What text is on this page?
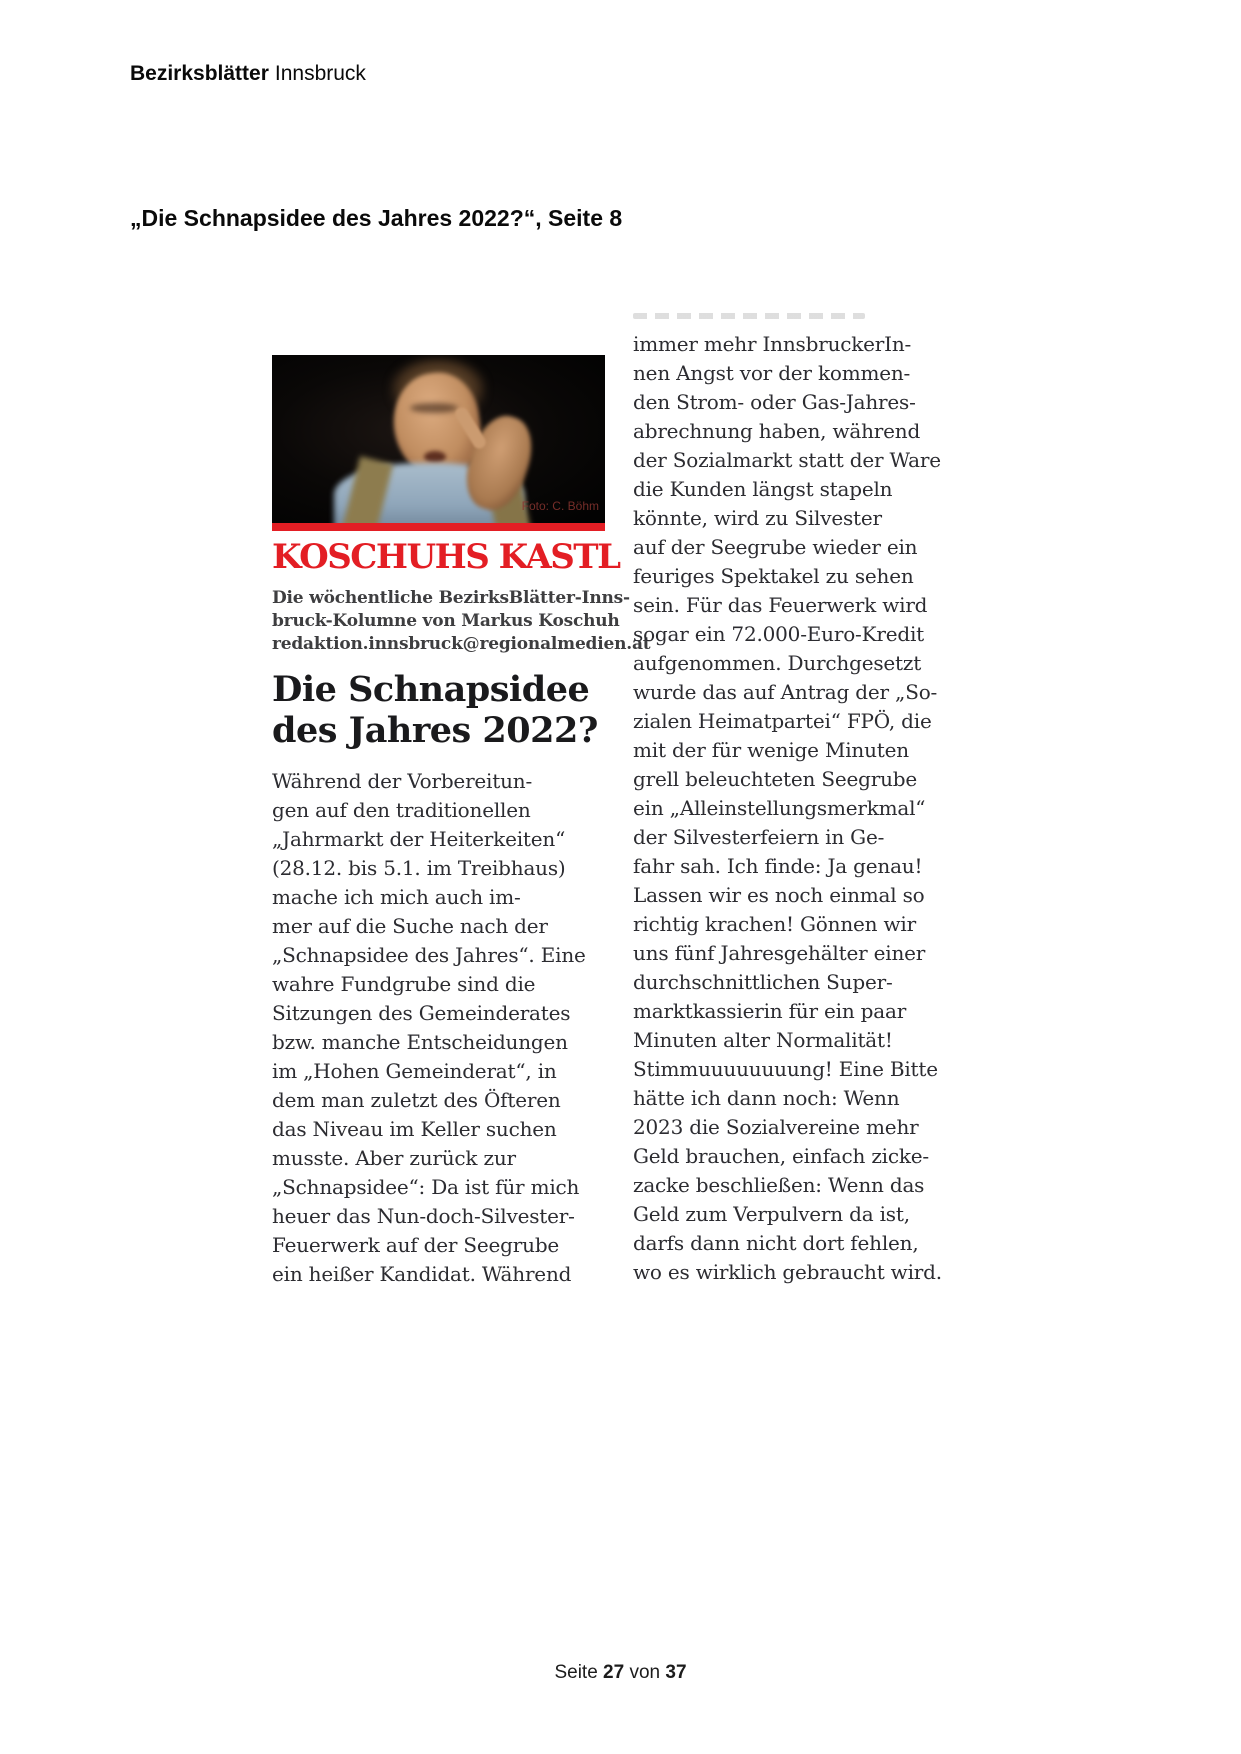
Bezirksblätter Innsbruck
„Die Schnapsidee des Jahres 2022?“, Seite 8
Foto: C. Böhm
KOSCHUHS KASTL
Die wöchentliche BezirksBlätter-Inns-
bruck-Kolumne von Markus Koschuh
redaktion.innsbruck@regionalmedien.at
Die Schnapsidee
des Jahres 2022?
Während der Vorbereitun-
gen auf den traditionellen
„Jahrmarkt der Heiterkeiten“
(28.12. bis 5.1. im Treibhaus)
mache ich mich auch im-
mer auf die Suche nach der
„Schnapsidee des Jahres“. Eine
wahre Fundgrube sind die
Sitzungen des Gemeinderates
bzw. manche Entscheidungen
im „Hohen Gemeinderat“, in
dem man zuletzt des Öfteren
das Niveau im Keller suchen
musste. Aber zurück zur
„Schnapsidee“: Da ist für mich
heuer das Nun-doch-Silvester-
Feuerwerk auf der Seegrube
ein heißer Kandidat. Während
immer mehr InnsbruckerIn-
nen Angst vor der kommen-
den Strom- oder Gas-Jahres-
abrechnung haben, während
der Sozialmarkt statt der Ware
die Kunden längst stapeln
könnte, wird zu Silvester
auf der Seegrube wieder ein
feuriges Spektakel zu sehen
sein. Für das Feuerwerk wird
sogar ein 72.000-Euro-Kredit
aufgenommen. Durchgesetzt
wurde das auf Antrag der „So-
zialen Heimatpartei“ FPÖ, die
mit der für wenige Minuten
grell beleuchteten Seegrube
ein „Alleinstellungsmerkmal“
der Silvesterfeiern in Ge-
fahr sah. Ich finde: Ja genau!
Lassen wir es noch einmal so
richtig krachen! Gönnen wir
uns fünf Jahresgehälter einer
durchschnittlichen Super-
marktkassierin für ein paar
Minuten alter Normalität!
Stimmuuuuuuuung! Eine Bitte
hätte ich dann noch: Wenn
2023 die Sozialvereine mehr
Geld brauchen, einfach zicke-
zacke beschließen: Wenn das
Geld zum Verpulvern da ist,
darfs dann nicht dort fehlen,
wo es wirklich gebraucht wird.
Seite 27 von 37
